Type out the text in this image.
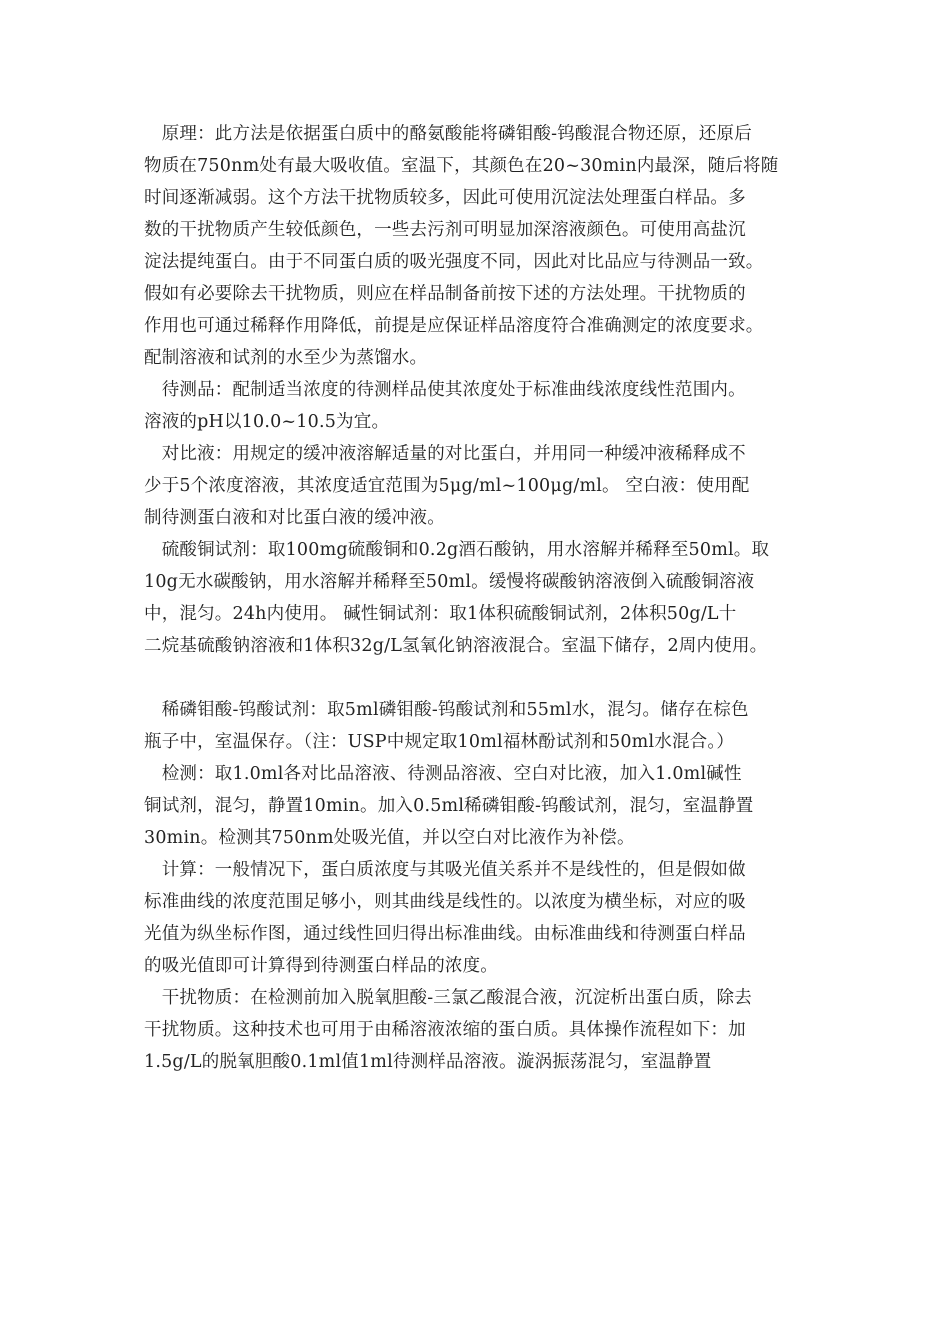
　原理：此方法是依据蛋白质中的酪氨酸能将磷钼酸-钨酸混合物还原，还原后
物质在750nm处有最大吸收值。室温下，其颜色在20~30min内最深，随后将随
时间逐渐减弱。这个方法干扰物质较多，因此可使用沉淀法处理蛋白样品。多
数的干扰物质产生较低颜色，一些去污剂可明显加深溶液颜色。可使用高盐沉
淀法提纯蛋白。由于不同蛋白质的吸光强度不同，因此对比品应与待测品一致。
假如有必要除去干扰物质，则应在样品制备前按下述的方法处理。干扰物质的
作用也可通过稀释作用降低，前提是应保证样品溶度符合准确测定的浓度要求。
配制溶液和试剂的水至少为蒸馏水。
　待测品：配制适当浓度的待测样品使其浓度处于标准曲线浓度线性范围内。
溶液的pH以10.0~10.5为宜。
　对比液：用规定的缓冲液溶解适量的对比蛋白，并用同一种缓冲液稀释成不
少于5个浓度溶液，其浓度适宜范围为5μg/ml~100μg/ml。 空白液：使用配
制待测蛋白液和对比蛋白液的缓冲液。
　硫酸铜试剂：取100mg硫酸铜和0.2g酒石酸钠，用水溶解并稀释至50ml。取
10g无水碳酸钠，用水溶解并稀释至50ml。缓慢将碳酸钠溶液倒入硫酸铜溶液
中，混匀。24h内使用。 碱性铜试剂：取1体积硫酸铜试剂，2体积50g/L十
二烷基硫酸钠溶液和1体积32g/L氢氧化钠溶液混合。室温下储存，2周内使用。
　稀磷钼酸-钨酸试剂：取5ml磷钼酸-钨酸试剂和55ml水，混匀。储存在棕色
瓶子中，室温保存。（注：USP中规定取10ml福林酚试剂和50ml水混合。）
　检测：取1.0ml各对比品溶液、待测品溶液、空白对比液，加入1.0ml碱性
铜试剂，混匀，静置10min。加入0.5ml稀磷钼酸-钨酸试剂，混匀，室温静置
30min。检测其750nm处吸光值，并以空白对比液作为补偿。
　计算：一般情况下，蛋白质浓度与其吸光值关系并不是线性的，但是假如做
标准曲线的浓度范围足够小，则其曲线是线性的。以浓度为横坐标，对应的吸
光值为纵坐标作图，通过线性回归得出标准曲线。由标准曲线和待测蛋白样品
的吸光值即可计算得到待测蛋白样品的浓度。
　干扰物质：在检测前加入脱氧胆酸-三氯乙酸混合液，沉淀析出蛋白质，除去
干扰物质。这种技术也可用于由稀溶液浓缩的蛋白质。具体操作流程如下：加
1.5g/L的脱氧胆酸0.1ml值1ml待测样品溶液。漩涡振荡混匀，室温静置
